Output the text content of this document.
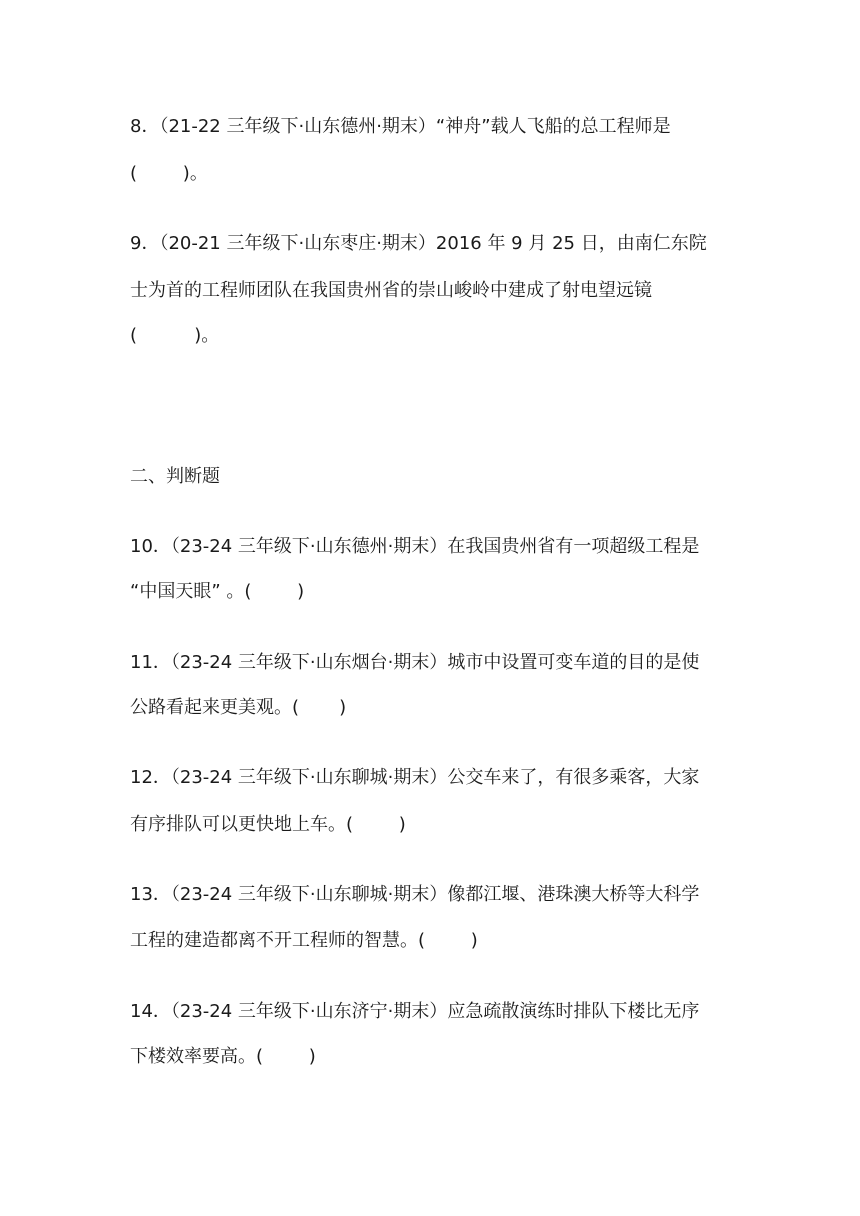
8．（21-22 三年级下·山东德州·期末）“神舟”载人飞船的总工程师是
(        )。
9．（20-21 三年级下·山东枣庄·期末）2016 年 9 月 25 日，由南仁东院
士为首的工程师团队在我国贵州省的崇山峻岭中建成了射电望远镜
(          )。
二、判断题
10．（23-24 三年级下·山东德州·期末）在我国贵州省有一项超级工程是
“中国天眼” 。(        )
11．（23-24 三年级下·山东烟台·期末）城市中设置可变车道的目的是使
公路看起来更美观。(       )
12．（23-24 三年级下·山东聊城·期末）公交车来了，有很多乘客，大家
有序排队可以更快地上车。(        )
13．（23-24 三年级下·山东聊城·期末）像都江堰、港珠澳大桥等大科学
工程的建造都离不开工程师的智慧。(        )
14．（23-24 三年级下·山东济宁·期末）应急疏散演练时排队下楼比无序
下楼效率要高。(        )
